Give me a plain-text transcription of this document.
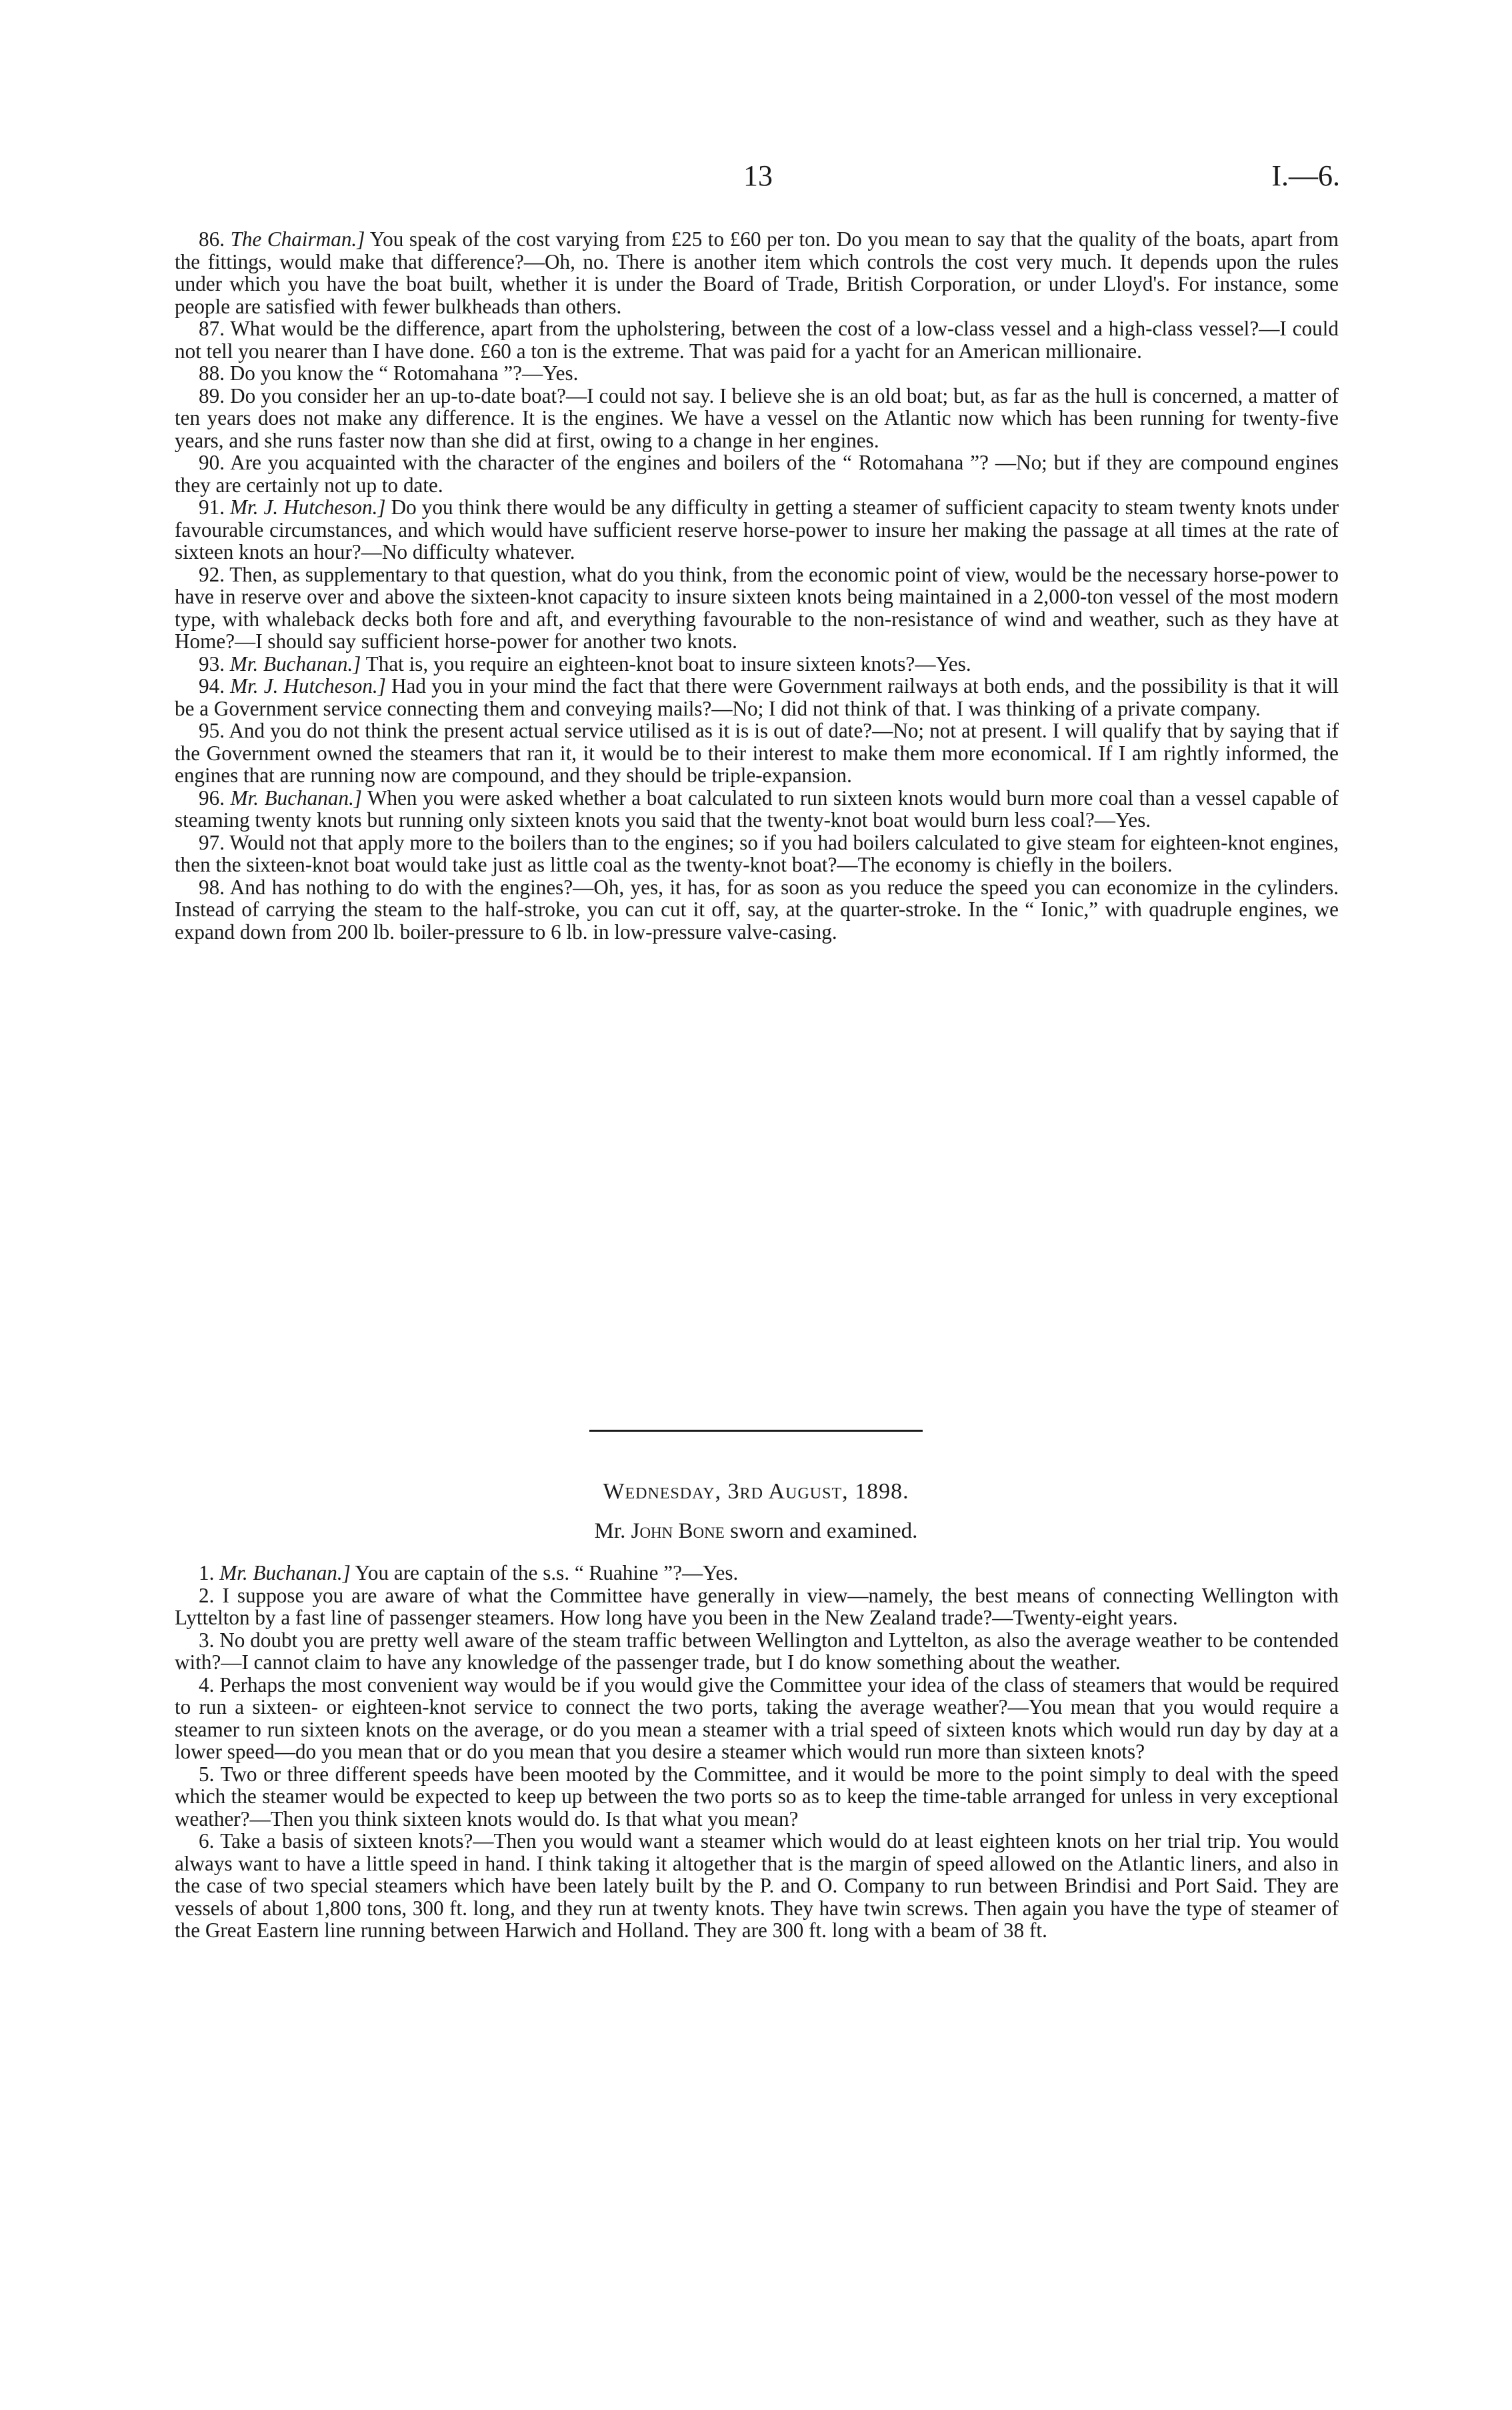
13	I.—6.

86. The Chairman.] You speak of the cost varying from £25 to £60 per ton. Do you mean to say that the quality of the boats, apart from the fittings, would make that difference?—Oh, no. There is another item which controls the cost very much. It depends upon the rules under which you have the boat built, whether it is under the Board of Trade, British Corporation, or under Lloyd's. For instance, some people are satisfied with fewer bulkheads than others.

87. What would be the difference, apart from the upholstering, between the cost of a low-class vessel and a high-class vessel?—I could not tell you nearer than I have done. £60 a ton is the extreme. That was paid for a yacht for an American millionaire.

88. Do you know the “ Rotomahana ”?—Yes.

89. Do you consider her an up-to-date boat?—I could not say. I believe she is an old boat; but, as far as the hull is concerned, a matter of ten years does not make any difference. It is the engines. We have a vessel on the Atlantic now which has been running for twenty-five years, and she runs faster now than she did at first, owing to a change in her engines.

90. Are you acquainted with the character of the engines and boilers of the “ Rotomahana ”? —No; but if they are compound engines they are certainly not up to date.

91. Mr. J. Hutcheson.] Do you think there would be any difficulty in getting a steamer of sufficient capacity to steam twenty knots under favourable circumstances, and which would have sufficient reserve horse-power to insure her making the passage at all times at the rate of sixteen knots an hour?—No difficulty whatever.

92. Then, as supplementary to that question, what do you think, from the economic point of view, would be the necessary horse-power to have in reserve over and above the sixteen-knot capacity to insure sixteen knots being maintained in a 2,000-ton vessel of the most modern type, with whaleback decks both fore and aft, and everything favourable to the non-resistance of wind and weather, such as they have at Home?—I should say sufficient horse-power for another two knots.

93. Mr. Buchanan.] That is, you require an eighteen-knot boat to insure sixteen knots?—Yes.

94. Mr. J. Hutcheson.] Had you in your mind the fact that there were Government railways at both ends, and the possibility is that it will be a Government service connecting them and conveying mails?—No; I did not think of that. I was thinking of a private company.

95. And you do not think the present actual service utilised as it is is out of date?—No; not at present. I will qualify that by saying that if the Government owned the steamers that ran it, it would be to their interest to make them more economical. If I am rightly informed, the engines that are running now are compound, and they should be triple-expansion.

96. Mr. Buchanan.] When you were asked whether a boat calculated to run sixteen knots would burn more coal than a vessel capable of steaming twenty knots but running only sixteen knots you said that the twenty-knot boat would burn less coal?—Yes.

97. Would not that apply more to the boilers than to the engines; so if you had boilers calculated to give steam for eighteen-knot engines, then the sixteen-knot boat would take just as little coal as the twenty-knot boat?—The economy is chiefly in the boilers.

98. And has nothing to do with the engines?—Oh, yes, it has, for as soon as you reduce the speed you can economize in the cylinders. Instead of carrying the steam to the half-stroke, you can cut it off, say, at the quarter-stroke. In the “ Ionic,” with quadruple engines, we expand down from 200 lb. boiler-pressure to 6 lb. in low-pressure valve-casing.

Wednesday, 3rd August, 1898.
Mr. John Bone sworn and examined.

1. Mr. Buchanan.] You are captain of the s.s. “ Ruahine ”?—Yes.

2. I suppose you are aware of what the Committee have generally in view—namely, the best means of connecting Wellington with Lyttelton by a fast line of passenger steamers. How long have you been in the New Zealand trade?—Twenty-eight years.

3. No doubt you are pretty well aware of the steam traffic between Wellington and Lyttelton, as also the average weather to be contended with?—I cannot claim to have any knowledge of the passenger trade, but I do know something about the weather.

4. Perhaps the most convenient way would be if you would give the Committee your idea of the class of steamers that would be required to run a sixteen- or eighteen-knot service to connect the two ports, taking the average weather?—You mean that you would require a steamer to run sixteen knots on the average, or do you mean a steamer with a trial speed of sixteen knots which would run day by day at a lower speed—do you mean that or do you mean that you desire a steamer which would run more than sixteen knots?

5. Two or three different speeds have been mooted by the Committee, and it would be more to the point simply to deal with the speed which the steamer would be expected to keep up between the two ports so as to keep the time-table arranged for unless in very exceptional weather?—Then you think sixteen knots would do. Is that what you mean?

6. Take a basis of sixteen knots?—Then you would want a steamer which would do at least eighteen knots on her trial trip. You would always want to have a little speed in hand. I think taking it altogether that is the margin of speed allowed on the Atlantic liners, and also in the case of two special steamers which have been lately built by the P. and O. Company to run between Brindisi and Port Said. They are vessels of about 1,800 tons, 300 ft. long, and they run at twenty knots. They have twin screws. Then again you have the type of steamer of the Great Eastern line running between Harwich and Holland. They are 300 ft. long with a beam of 38 ft.
